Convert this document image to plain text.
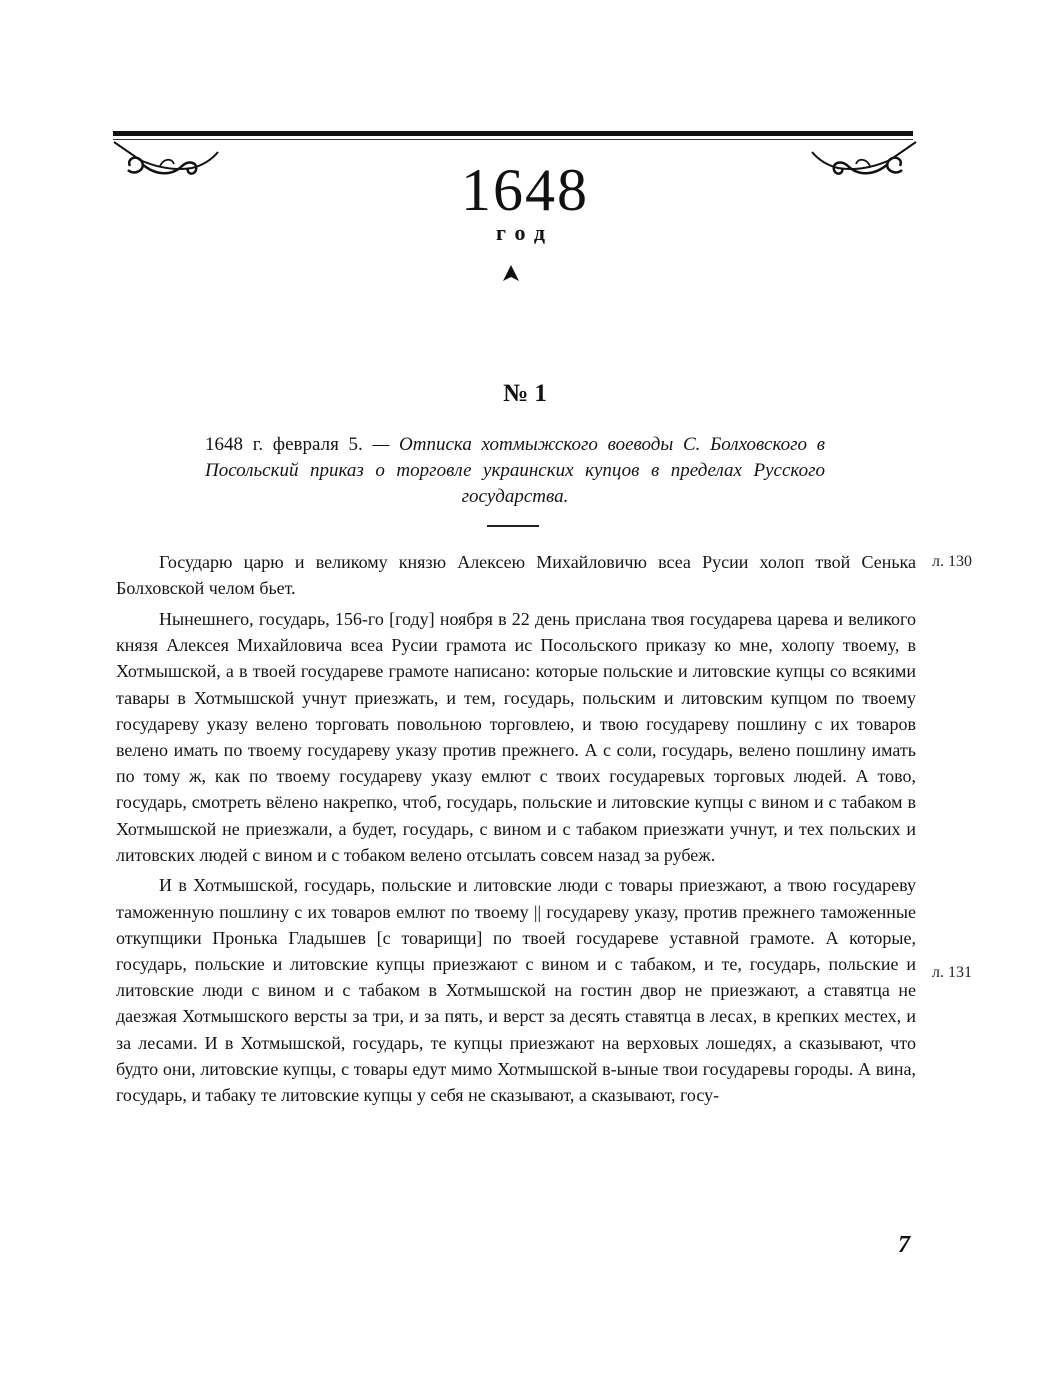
1648
год
№ 1
1648 г. февраля 5. — Отписка хотмыжского воеводы С. Болховского в Посольский приказ о торговле украинских купцов в пределах Русского государства.

Государю царю и великому князю Алексею Михайловичю всеа Русии холоп твой Сенька Болховской челом бьет.

Нынешнего, государь, 156-го [году] ноября в 22 день прислана твоя государева царева и великого князя Алексея Михайловича всеа Русии грамота ис Посольского приказу ко мне, холопу твоему, в Хотмышской, а в твоей государеве грамоте написано: которые польские и литовские купцы со всякими тавары в Хотмышской учнут приезжать, и тем, государь, польским и литовским купцом по твоему государеву указу велено торговать повольною торговлею, и твою государеву пошлину с их товаров велено имать по твоему государеву указу против прежнего. А с соли, государь, велено пошлину имать по тому ж, как по твоему государеву указу емлют с твоих государевых торговых людей. А тово, государь, смотреть вёлено накрепко, чтоб, государь, польские и литовские купцы с вином и с табаком в Хотмышской не приезжали, а будет, государь, с вином и с табаком приезжати учнут, и тех польских и литовских людей с вином и с тобаком велено отсылать совсем назад за рубеж.

И в Хотмышской, государь, польские и литовские люди с товары приезжают, а твою государеву таможенную пошлину с их товаров емлют по твоему || государеву указу, против прежнего таможенные откупщики Пронька Гладышев [с товарищи] по твоей государеве уставной грамоте. А которые, государь, польские и литовские купцы приезжают с вином и с табаком, и те, государь, польские и литовские люди с вином и с табаком в Хотмышской на гостин двор не приезжают, а ставятца не даезжая Хотмышского версты за три, и за пять, и верст за десять ставятца в лесах, в крепких местех, и за лесами. И в Хотмышской, государь, те купцы приезжают на верховых лошедях, а сказывают, что будто они, литовские купцы, с товары едут мимо Хотмышской в-ыные твои государевы городы. А вина, государь, и табаку те литовские купцы у себя не сказывают, а сказывают, госу-

л. 130
л. 131
7
